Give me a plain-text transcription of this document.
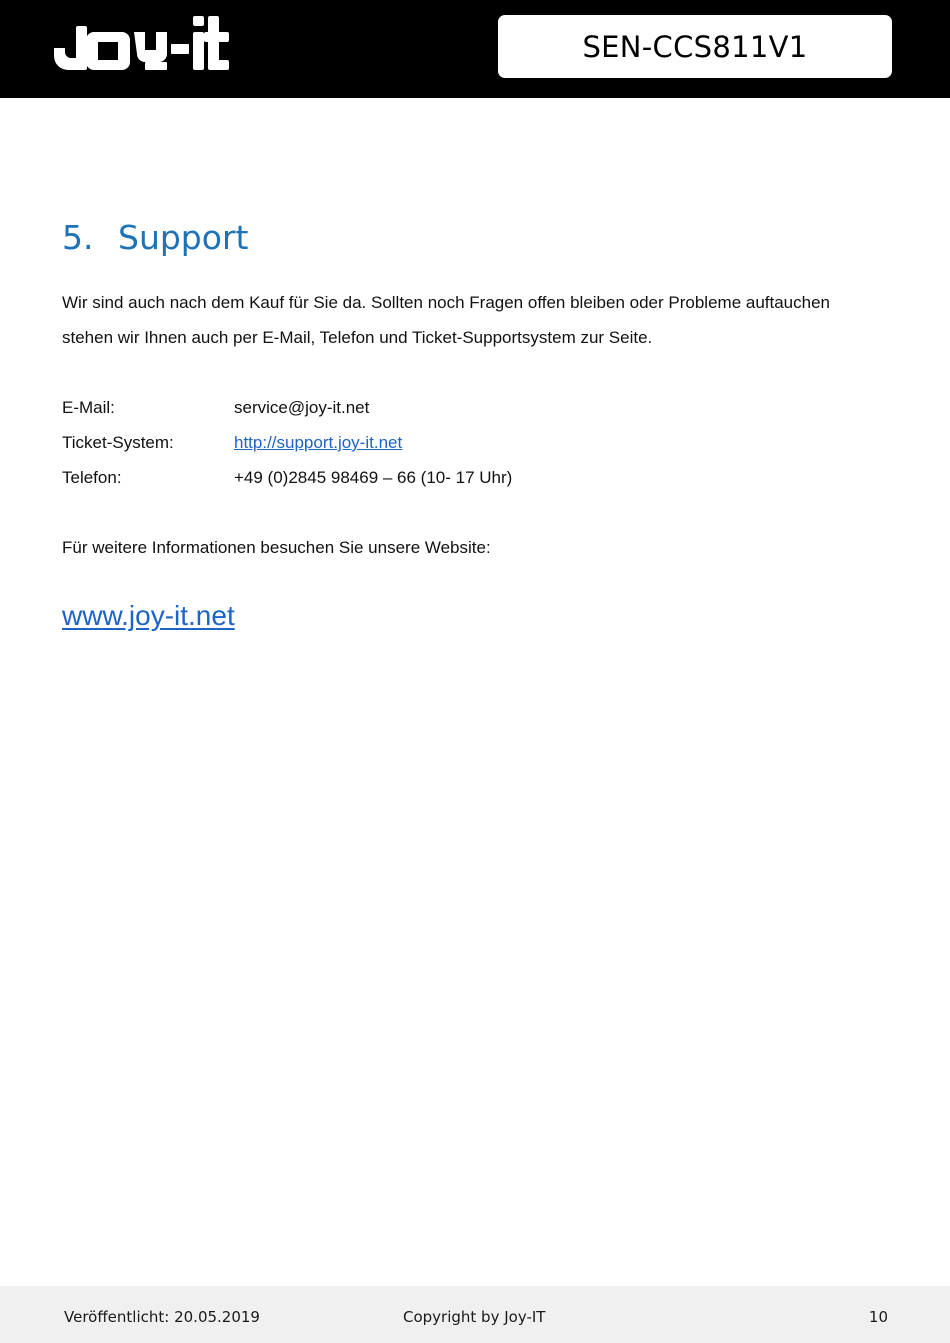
SEN-CCS811V1
5. Support

Wir sind auch nach dem Kauf für Sie da. Sollten noch Fragen offen bleiben oder Probleme auftauchen

stehen wir Ihnen auch per E-Mail, Telefon und Ticket-Supportsystem zur Seite.

E-Mail:	service@joy-it.net
Ticket-System:	http://support.joy-it.net
Telefon:	+49 (0)2845 98469 – 66 (10- 17 Uhr)
Für weitere Informationen besuchen Sie unsere Website:
www.joy-it.net
Veröffentlicht: 20.05.2019	Copyright by Joy-IT	10
